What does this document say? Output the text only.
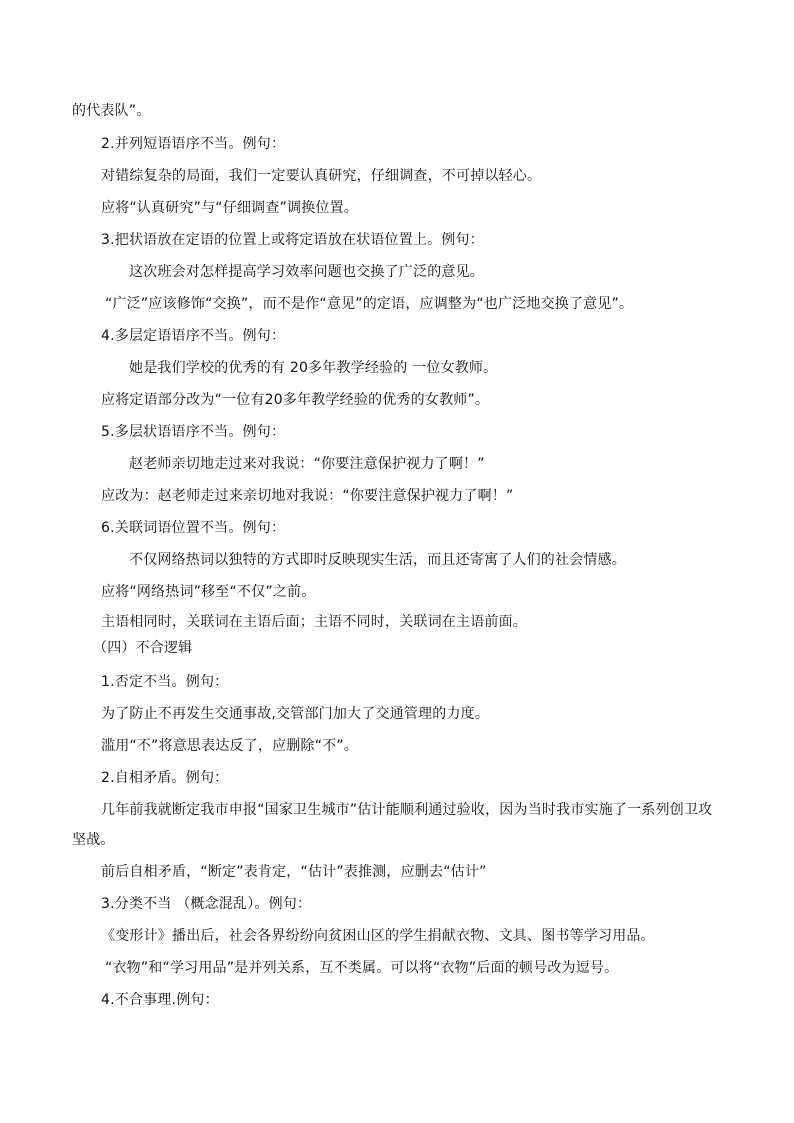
的代表队”。
2.并列短语语序不当。例句：
对错综复杂的局面，我们一定要认真研究，仔细调查，不可掉以轻心。
应将“认真研究”与“仔细调查”调换位置。
3.把状语放在定语的位置上或将定语放在状语位置上。例句：
这次班会对怎样提高学习效率问题也交换了广泛的意见。
“广泛”应该修饰“交换”，而不是作“意见”的定语，应调整为“也广泛地交换了意见”。
4.多层定语语序不当。例句：
她是我们学校的优秀的有 20多年教学经验的 一位女教师。
应将定语部分改为“一位有20多年教学经验的优秀的女教师”。
5.多层状语语序不当。例句：
赵老师亲切地走过来对我说：“你要注意保护视力了啊！”
应改为：赵老师走过来亲切地对我说：“你要注意保护视力了啊！”
6.关联词语位置不当。例句：
不仅网络热词以独特的方式即时反映现实生活，而且还寄寓了人们的社会情感。
应将“网络热词”移至“不仅”之前。
主语相同时，关联词在主语后面；主语不同时，关联词在主语前面。
（四）不合逻辑
1.否定不当。例句：
为了防止不再发生交通事故,交管部门加大了交通管理的力度。
滥用“不”将意思表达反了，应删除“不”。
2.自相矛盾。例句：
几年前我就断定我市申报“国家卫生城市”估计能顺利通过验收，因为当时我市实施了一系列创卫攻
坚战。
前后自相矛盾，“断定”表肯定，“估计”表推测，应删去“估计”
3.分类不当 （概念混乱）。例句：
《变形计》播出后，社会各界纷纷向贫困山区的学生捐献衣物、文具、图书等学习用品。
“衣物”和“学习用品”是并列关系，互不类属。可以将“衣物”后面的顿号改为逗号。
4.不合事理.例句：
